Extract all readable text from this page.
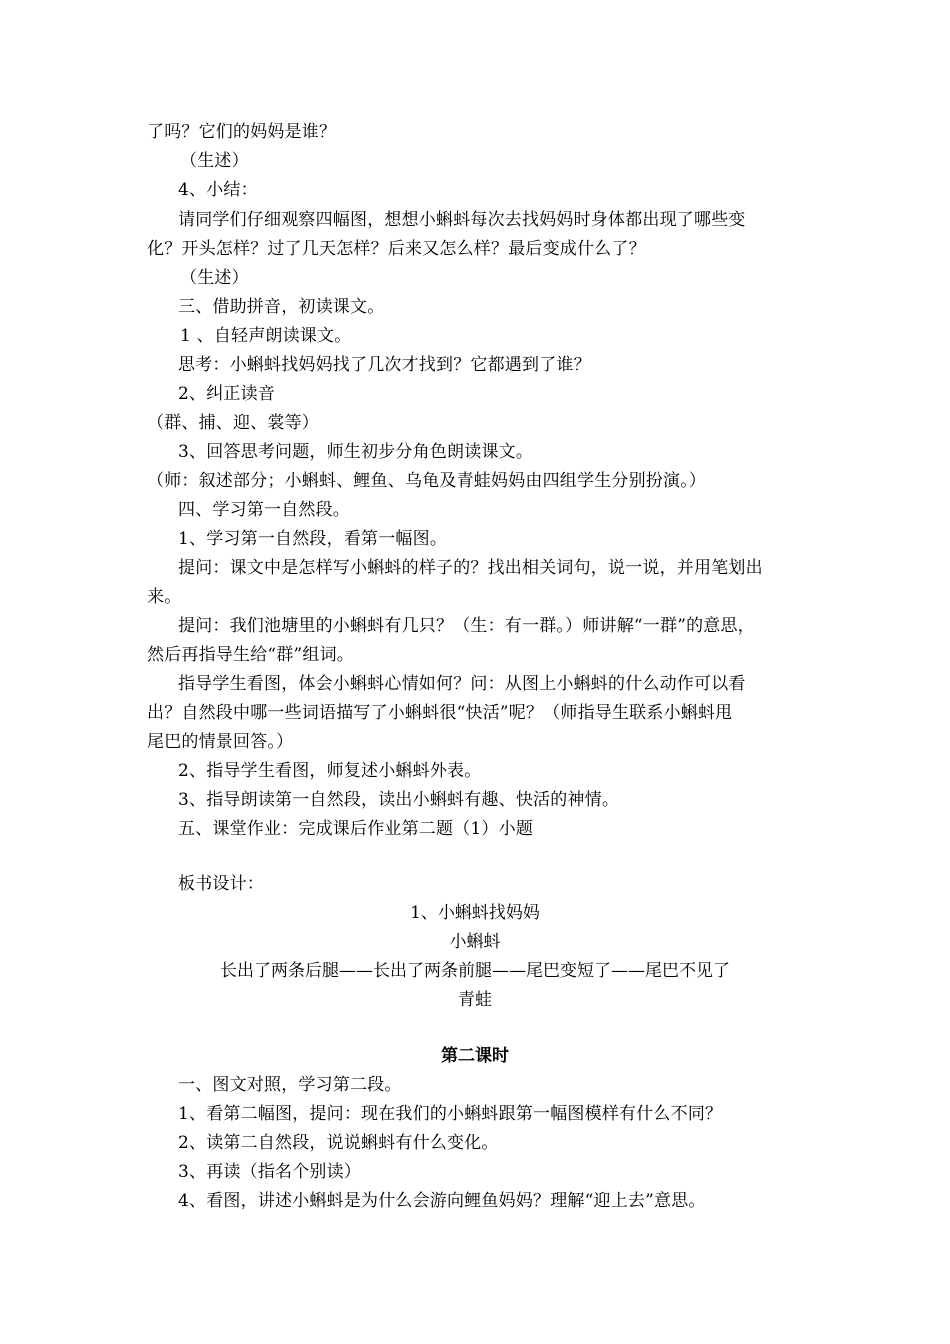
了吗？它们的妈妈是谁？
（生述）
4、小结：
请同学们仔细观察四幅图，想想小蝌蚪每次去找妈妈时身体都出现了哪些变
化？开头怎样？过了几天怎样？后来又怎么样？最后变成什么了？
（生述）
三、借助拼音，初读课文。
1 、自轻声朗读课文。
思考：小蝌蚪找妈妈找了几次才找到？它都遇到了谁？
2、纠正读音
（群、捕、迎、裳等）
3、回答思考问题，师生初步分角色朗读课文。
（师：叙述部分；小蝌蚪、鲤鱼、乌龟及青蛙妈妈由四组学生分别扮演。）
四、学习第一自然段。
1、学习第一自然段，看第一幅图。
提问：课文中是怎样写小蝌蚪的样子的？找出相关词句，说一说，并用笔划出
来。
提问：我们池塘里的小蝌蚪有几只？（生：有一群。）师讲解“一群”的意思，
然后再指导生给“群”组词。
指导学生看图，体会小蝌蚪心情如何？问：从图上小蝌蚪的什么动作可以看
出？自然段中哪一些词语描写了小蝌蚪很“快活”呢？（师指导生联系小蝌蚪甩
尾巴的情景回答。）
2、指导学生看图，师复述小蝌蚪外表。
3、指导朗读第一自然段，读出小蝌蚪有趣、快活的神情。
五、课堂作业：完成课后作业第二题（1）小题
板书设计：
1、小蝌蚪找妈妈
小蝌蚪
长出了两条后腿——长出了两条前腿——尾巴变短了——尾巴不见了
青蛙
第二课时
一、图文对照，学习第二段。
1、看第二幅图，提问：现在我们的小蝌蚪跟第一幅图模样有什么不同？
2、读第二自然段，说说蝌蚪有什么变化。
3、再读（指名个别读）
4、看图，讲述小蝌蚪是为什么会游向鲤鱼妈妈？理解“迎上去”意思。
